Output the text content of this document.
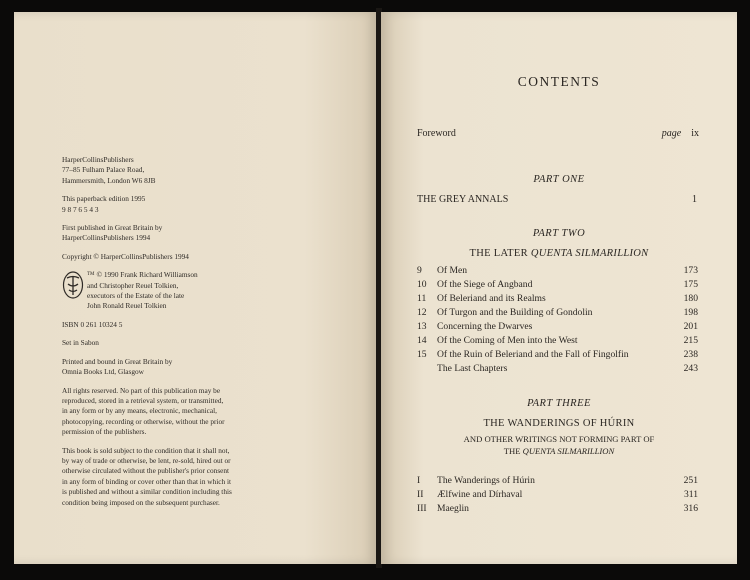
HarperCollinsPublishers
77–85 Fulham Palace Road,
Hammersmith, London W6 8JB
This paperback edition 1995
9 8 7 6 5 4 3
First published in Great Britain by
HarperCollinsPublishers 1994
Copyright © HarperCollinsPublishers 1994
™ © 1990 Frank Richard Williamson
and Christopher Reuel Tolkien,
executors of the Estate of the late
John Ronald Reuel Tolkien
ISBN 0 261 10324 5
Set in Sabon
Printed and bound in Great Britain by
Omnia Books Ltd, Glasgow
All rights reserved. No part of this publication may be
reproduced, stored in a retrieval system, or transmitted,
in any form or by any means, electronic, mechanical,
photocopying, recording or otherwise, without the prior
permission of the publishers.
This book is sold subject to the condition that it shall not,
by way of trade or otherwise, be lent, re-sold, hired out or
otherwise circulated without the publisher's prior consent
in any form of binding or cover other than that in which it
is published and without a similar condition including this
condition being imposed on the subsequent purchaser.
CONTENTS
Foreword	page ix
PART ONE
THE GREY ANNALS	1
PART TWO
THE LATER QUENTA SILMARILLION
9	Of Men	173
10	Of the Siege of Angband	175
11	Of Beleriand and its Realms	180
12	Of Turgon and the Building of Gondolin	198
13	Concerning the Dwarves	201
14	Of the Coming of Men into the West	215
15	Of the Ruin of Beleriand and the Fall of Fingolfin	238
The Last Chapters	243
PART THREE
THE WANDERINGS OF HÚRIN
AND OTHER WRITINGS NOT FORMING PART OF
THE QUENTA SILMARILLION
I	The Wanderings of Húrin	251
II	Ælfwine and Dírhaval	311
III	Maeglin	316
